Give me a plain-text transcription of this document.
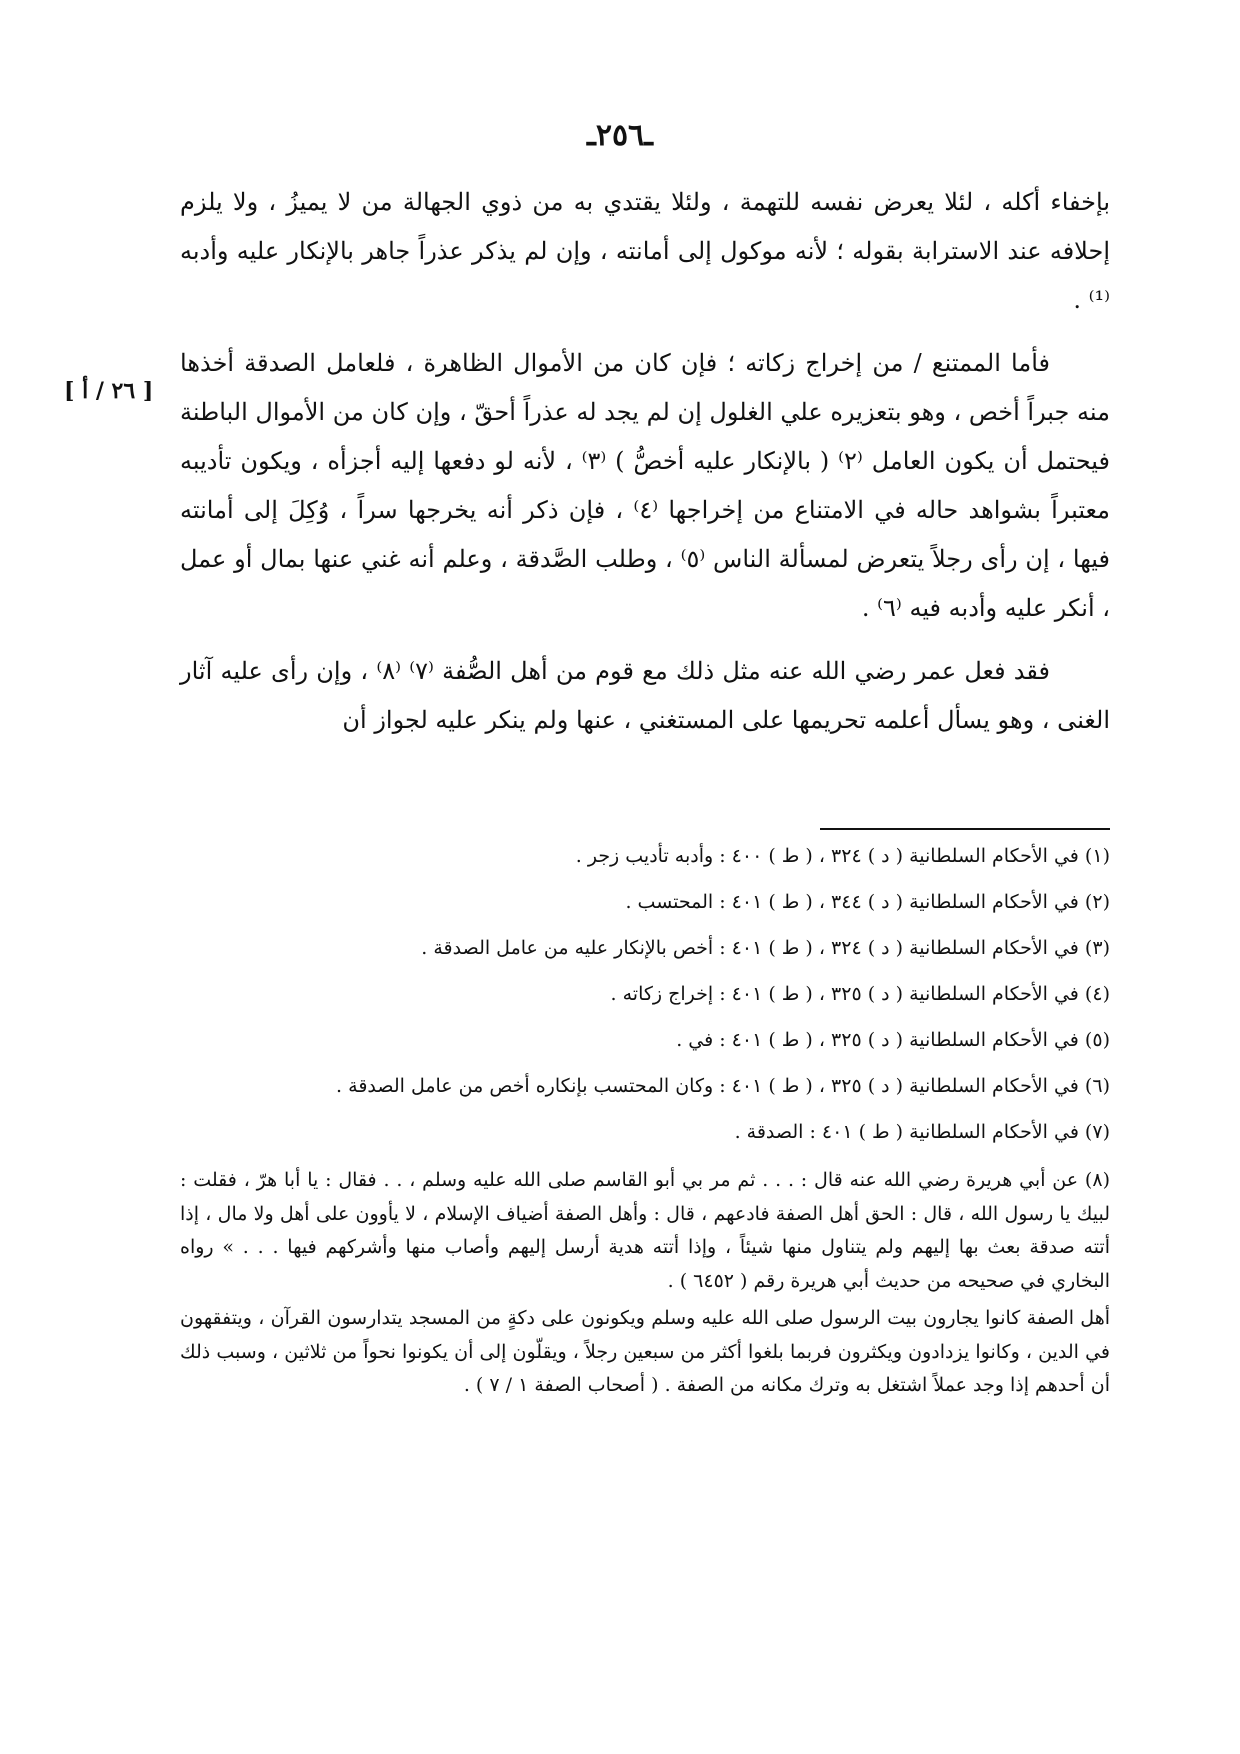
ـ٢٥٦ـ
[ ٢٦ / أ ]

بإخفاء أكله ، لئلا يعرض نفسه للتهمة ، ولئلا يقتدي به من ذوي الجهالة من لا يميزُ ، ولا يلزم إحلافه عند الاسترابة بقوله ؛ لأنه موكول إلى أمانته ، وإن لم يذكر عذراً جاهر بالإنكار عليه وأدبه ⁽¹⁾ .

فأما الممتنع / من إخراج زكاته ؛ فإن كان من الأموال الظاهرة ، فلعامل الصدقة أخذها منه جبراً أخص ، وهو بتعزيره علي الغلول إن لم يجد له عذراً أحقّ ، وإن كان من الأموال الباطنة فيحتمل أن يكون العامل ⁽٢⁾ ( بالإنكار عليه أخصُّ ) ⁽٣⁾ ، لأنه لو دفعها إليه أجزأه ، ويكون تأديبه معتبراً بشواهد حاله في الامتناع من إخراجها ⁽٤⁾ ، فإن ذكر أنه يخرجها سراً ، وُكِلَ إلى أمانته فيها ، إن رأى رجلاً يتعرض لمسألة الناس ⁽٥⁾ ، وطلب الصَّدقة ، وعلم أنه غني عنها بمال أو عمل ، أنكر عليه وأدبه فيه ⁽٦⁾ .

فقد فعل عمر رضي الله عنه مثل ذلك مع قوم من أهل الصُّفة ⁽٧⁾ ⁽٨⁾ ، وإن رأى عليه آثار الغنى ، وهو يسأل أعلمه تحريمها على المستغني ، عنها ولم ينكر عليه لجواز أن

(١) في الأحكام السلطانية ( د ) ٣٢٤ ، ( ط ) ٤٠٠ : وأدبه تأديب زجر .

(٢) في الأحكام السلطانية ( د ) ٣٤٤ ، ( ط ) ٤٠١ : المحتسب .

(٣) في الأحكام السلطانية ( د ) ٣٢٤ ، ( ط ) ٤٠١ : أخص بالإنكار عليه من عامل الصدقة .

(٤) في الأحكام السلطانية ( د ) ٣٢٥ ، ( ط ) ٤٠١ : إخراج زكاته .

(٥) في الأحكام السلطانية ( د ) ٣٢٥ ، ( ط ) ٤٠١ : في .

(٦) في الأحكام السلطانية ( د ) ٣٢٥ ، ( ط ) ٤٠١ : وكان المحتسب بإنكاره أخص من عامل الصدقة .

(٧) في الأحكام السلطانية ( ط ) ٤٠١ : الصدقة .

(٨) عن أبي هريرة رضي الله عنه قال : . . . ثم مر بي أبو القاسم صلى الله عليه وسلم ، . . فقال : يا أبا هرّ ، فقلت : لبيك يا رسول الله ، قال : الحق أهل الصفة فادعهم ، قال : وأهل الصفة أضياف الإسلام ، لا يأوون على أهل ولا مال ، إذا أتته صدقة بعث بها إليهم ولم يتناول منها شيئاً ، وإذا أتته هدية أرسل إليهم وأصاب منها وأشركهم فيها . . . » رواه البخاري في صحيحه من حديث أبي هريرة رقم ( ٦٤٥٢ ) .

أهل الصفة كانوا يجارون بيت الرسول صلى الله عليه وسلم ويكونون على دكةٍ من المسجد يتدارسون القرآن ، ويتفقهون في الدين ، وكانوا يزدادون ويكثرون فربما بلغوا أكثر من سبعين رجلاً ، ويقلّون إلى أن يكونوا نحواً من ثلاثين ، وسبب ذلك أن أحدهم إذا وجد عملاً اشتغل به وترك مكانه من الصفة . ( أصحاب الصفة ١ / ٧ ) .
